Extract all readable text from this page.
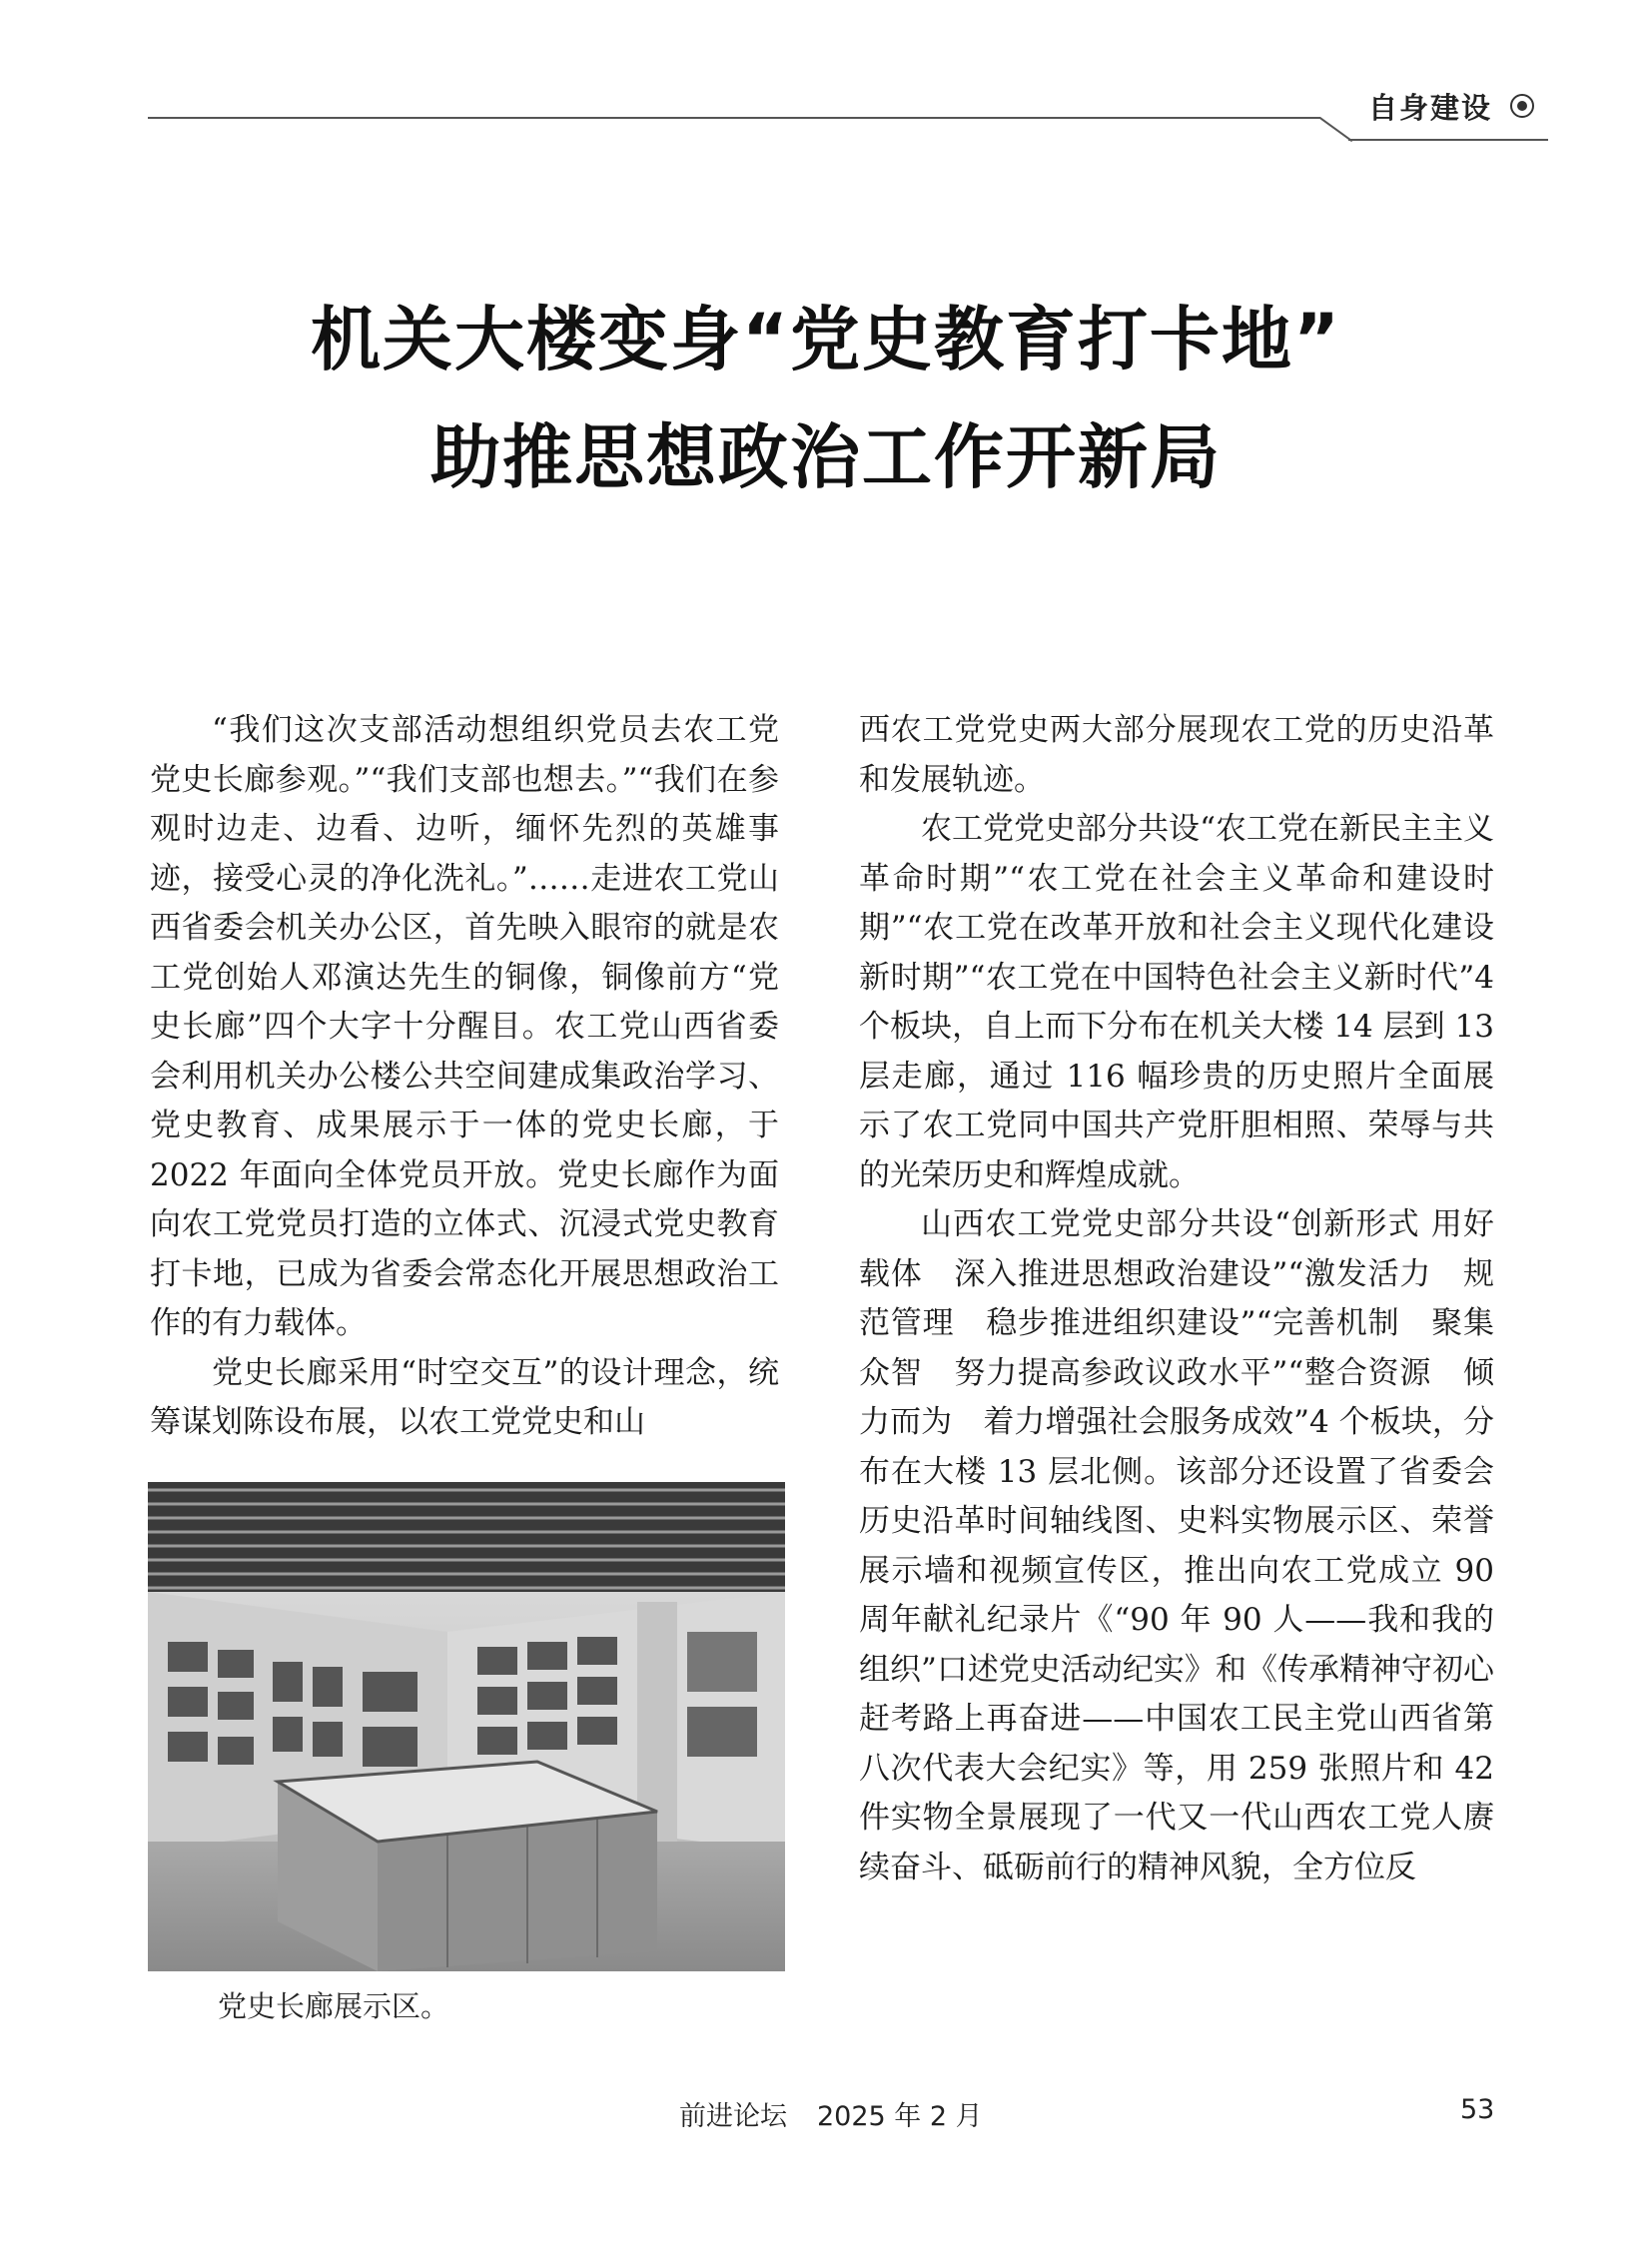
自身建设
机关大楼变身“党史教育打卡地”
助推思想政治工作开新局

“我们这次支部活动想组织党员去农工党党史长廊参观。”“我们支部也想去。”“我们在参观时边走、边看、边听，缅怀先烈的英雄事迹，接受心灵的净化洗礼。”……走进农工党山西省委会机关办公区，首先映入眼帘的就是农工党创始人邓演达先生的铜像，铜像前方“党史长廊”四个大字十分醒目。农工党山西省委会利用机关办公楼公共空间建成集政治学习、党史教育、成果展示于一体的党史长廊，于 2022 年面向全体党员开放。党史长廊作为面向农工党党员打造的立体式、沉浸式党史教育打卡地，已成为省委会常态化开展思想政治工作的有力载体。

党史长廊采用“时空交互”的设计理念，统筹谋划陈设布展，以农工党党史和山

党史长廊展示区。

西农工党党史两大部分展现农工党的历史沿革和发展轨迹。

农工党党史部分共设“农工党在新民主主义革命时期”“农工党在社会主义革命和建设时期”“农工党在改革开放和社会主义现代化建设新时期”“农工党在中国特色社会主义新时代”4 个板块，自上而下分布在机关大楼 14 层到 13 层走廊，通过 116 幅珍贵的历史照片全面展示了农工党同中国共产党肝胆相照、荣辱与共的光荣历史和辉煌成就。

山西农工党党史部分共设“创新形式 用好载体　深入推进思想政治建设”“激发活力　规范管理　稳步推进组织建设”“完善机制　聚集众智　努力提高参政议政水平”“整合资源　倾力而为　着力增强社会服务成效”4 个板块，分布在大楼 13 层北侧。该部分还设置了省委会历史沿革时间轴线图、史料实物展示区、荣誉展示墙和视频宣传区，推出向农工党成立 90 周年献礼纪录片《“90 年 90 人——我和我的组织”口述党史活动纪实》和《传承精神守初心　赶考路上再奋进——中国农工民主党山西省第八次代表大会纪实》等，用 259 张照片和 42 件实物全景展现了一代又一代山西农工党人赓续奋斗、砥砺前行的精神风貌，全方位反

前进论坛 2025 年 2 月	53
